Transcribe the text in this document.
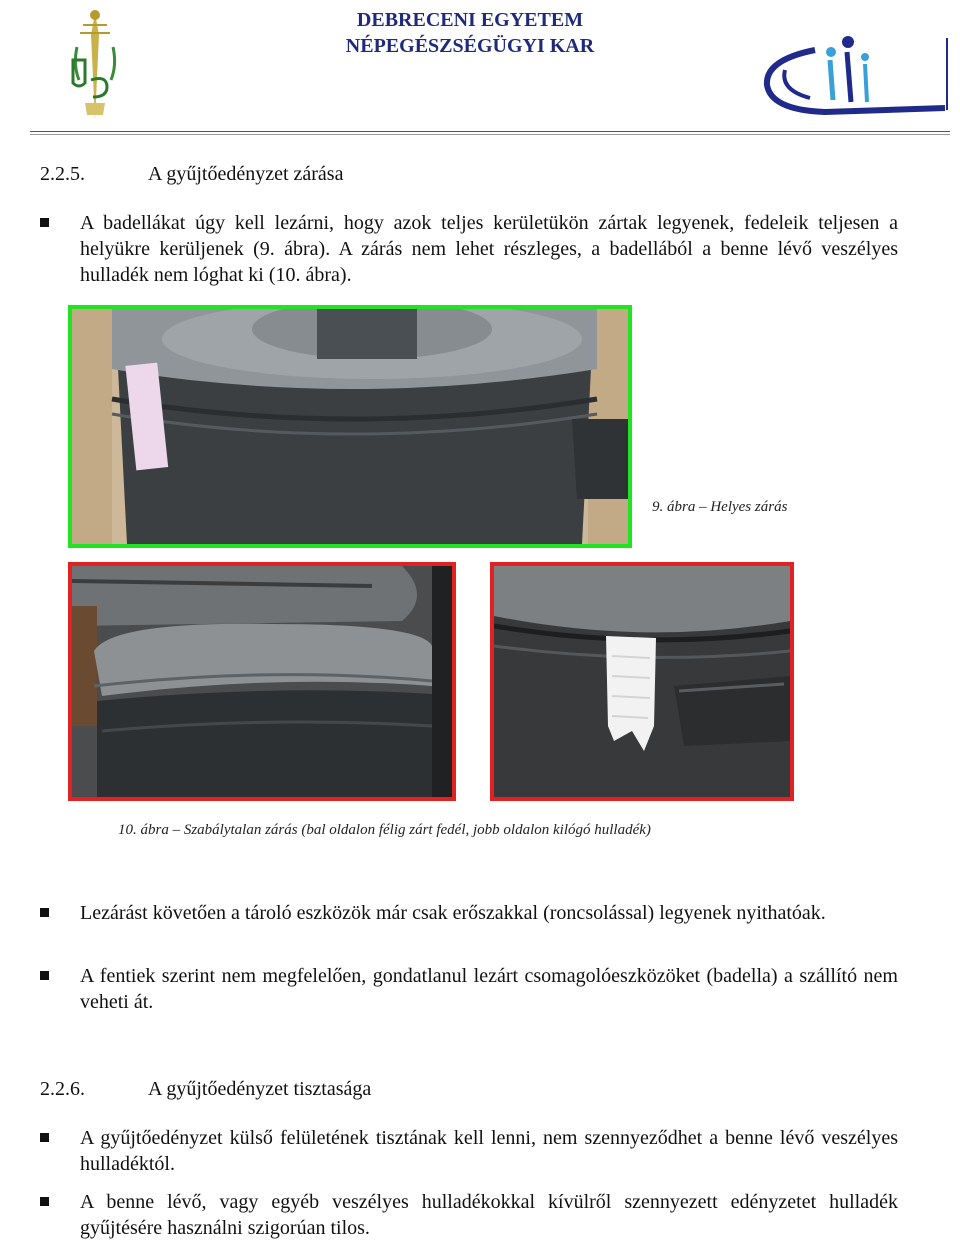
DEBRECENI EGYETEM
NÉPEGÉSZSÉGÜGYI KAR
2.2.5.	A gyűjtőedényzet zárása
A badellákat úgy kell lezárni, hogy azok teljes kerületükön zártak legyenek, fedeleik teljesen a helyükre kerüljenek (9. ábra). A zárás nem lehet részleges, a badellából a benne lévő veszélyes hulladék nem lóghat ki (10. ábra).
9. ábra – Helyes zárás
10. ábra – Szabálytalan zárás (bal oldalon félig zárt fedél, jobb oldalon kilógó hulladék)
Lezárást követően a tároló eszközök már csak erőszakkal (roncsolással) legyenek nyithatóak.
A fentiek szerint nem megfelelően, gondatlanul lezárt csomagolóeszközöket (badella) a szállító nem veheti át.
2.2.6.	A gyűjtőedényzet tisztasága
A gyűjtőedényzet külső felületének tisztának kell lenni, nem szennyeződhet a benne lévő veszélyes hulladéktól.
A benne lévő, vagy egyéb veszélyes hulladékokkal kívülről szennyezett edényzetet hulladék gyűjtésére használni szigorúan tilos.
